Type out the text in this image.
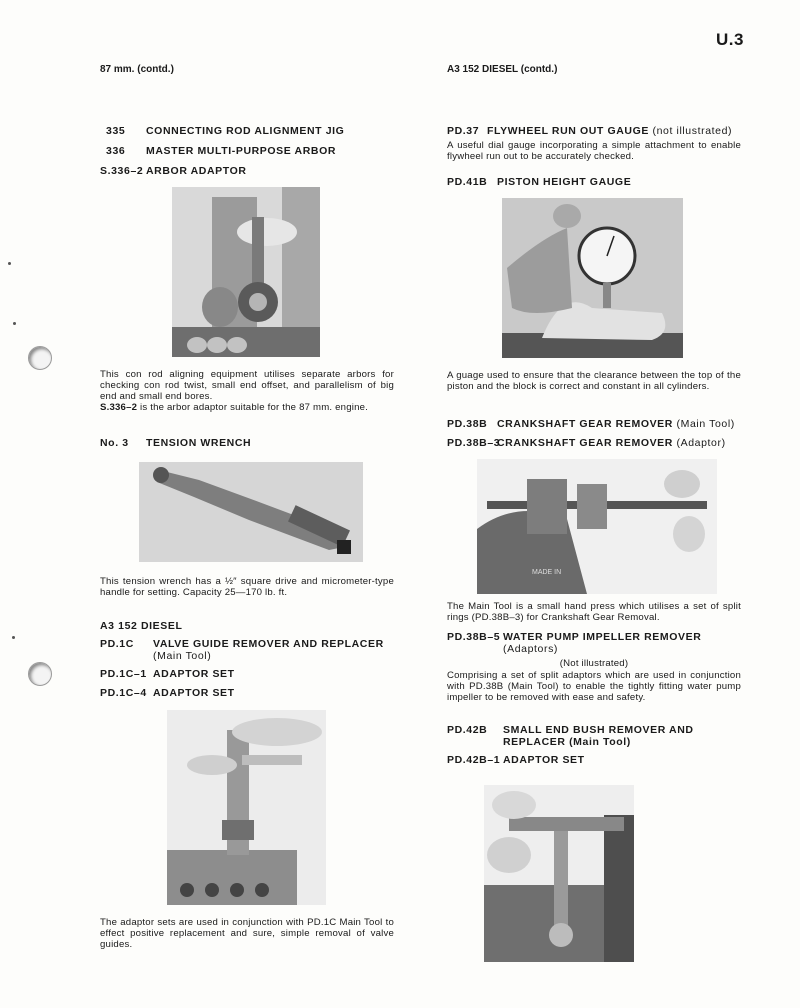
U.3
87 mm. (contd.)	A3 152 DIESEL (contd.)
335 CONNECTING ROD ALIGNMENT JIG
336 MASTER MULTI-PURPOSE ARBOR
S.336–2 ARBOR ADAPTOR
This con rod aligning equipment utilises separate arbors for checking con rod twist, small end offset, and parallelism of big end and small end bores.
S.336–2 is the arbor adaptor suitable for the 87 mm. engine.
No. 3 TENSION WRENCH
This tension wrench has a ½″ square drive and micrometer-type handle for setting. Capacity 25—170 lb. ft.
A3 152 DIESEL
PD.1C VALVE GUIDE REMOVER AND REPLACER
(Main Tool)
PD.1C–1 ADAPTOR SET
PD.1C–4 ADAPTOR SET
The adaptor sets are used in conjunction with PD.1C Main Tool to effect positive replacement and sure, simple removal of valve guides.
PD.37 FLYWHEEL RUN OUT GAUGE (not illustrated)
A useful dial gauge incorporating a simple attachment to enable flywheel run out to be accurately checked.
PD.41B PISTON HEIGHT GAUGE
A guage used to ensure that the clearance between the top of the piston and the block is correct and constant in all cylinders.
PD.38B CRANKSHAFT GEAR REMOVER (Main Tool)
PD.38B–3CRANKSHAFT GEAR REMOVER (Adaptor)
MADE IN
The Main Tool is a small hand press which utilises a set of split rings (PD.38B–3) for Crankshaft Gear Removal.
PD.38B–5 WATER PUMP IMPELLER REMOVER
(Adaptors)
(Not illustrated)
Comprising a set of split adaptors which are used in conjunction with PD.38B (Main Tool) to enable the tightly fitting water pump impeller to be removed with ease and safety.
PD.42B SMALL END BUSH REMOVER AND
REPLACER (Main Tool)
PD.42B–1 ADAPTOR SET
